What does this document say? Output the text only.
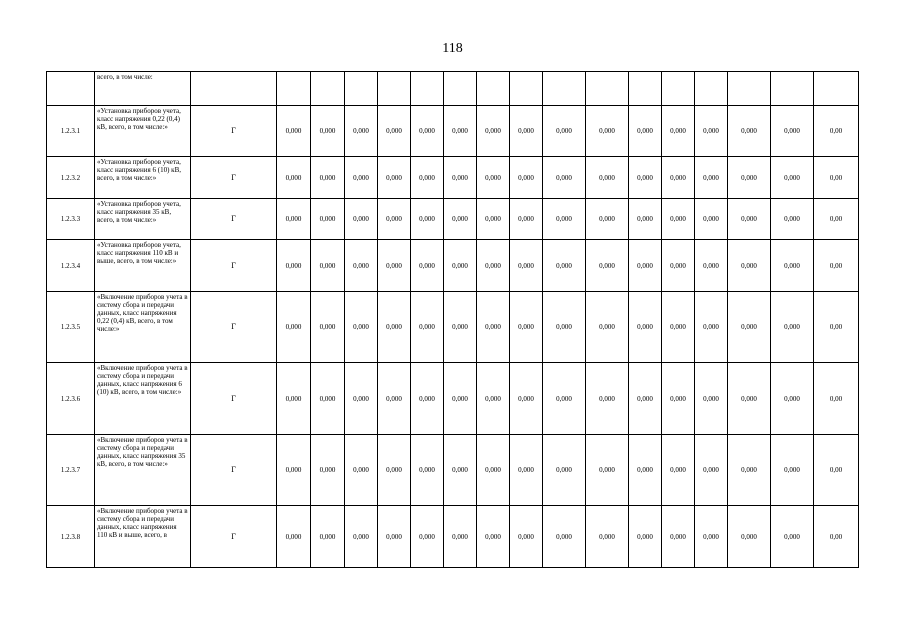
118
	всего, в том числе:																	
1.2.3.1	«Установка приборов учета, класс напряжения 0,22 (0,4) кВ, всего, в том числе:»	Г	0,000	0,000	0,000	0,000	0,000	0,000	0,000	0,000	0,000	0,000	0,000	0,000	0,000	0,000	0,000	0,00
1.2.3.2	«Установка приборов учета, класс напряжения 6 (10) кВ, всего, в том числе:»	Г	0,000	0,000	0,000	0,000	0,000	0,000	0,000	0,000	0,000	0,000	0,000	0,000	0,000	0,000	0,000	0,00
1.2.3.3	«Установка приборов учета, класс напряжения 35 кВ, всего, в том числе:»	Г	0,000	0,000	0,000	0,000	0,000	0,000	0,000	0,000	0,000	0,000	0,000	0,000	0,000	0,000	0,000	0,00
1.2.3.4	«Установка приборов учета, класс напряжения 110 кВ и выше, всего, в том числе:»	Г	0,000	0,000	0,000	0,000	0,000	0,000	0,000	0,000	0,000	0,000	0,000	0,000	0,000	0,000	0,000	0,00
1.2.3.5	«Включение приборов учета в систему сбора и передачи данных, класс напряжения 0,22 (0,4) кВ, всего, в том числе:»	Г	0,000	0,000	0,000	0,000	0,000	0,000	0,000	0,000	0,000	0,000	0,000	0,000	0,000	0,000	0,000	0,00
1.2.3.6	«Включение приборов учета в систему сбора и передачи данных, класс напряжения 6 (10) кВ, всего, в том числе:»	Г	0,000	0,000	0,000	0,000	0,000	0,000	0,000	0,000	0,000	0,000	0,000	0,000	0,000	0,000	0,000	0,00
1.2.3.7	«Включение приборов учета в систему сбора и передачи данных, класс напряжения 35 кВ, всего, в том числе:»	Г	0,000	0,000	0,000	0,000	0,000	0,000	0,000	0,000	0,000	0,000	0,000	0,000	0,000	0,000	0,000	0,00
1.2.3.8	«Включение приборов учета в систему сбора и передачи данных, класс напряжения 110 кВ и выше, всего, в	Г	0,000	0,000	0,000	0,000	0,000	0,000	0,000	0,000	0,000	0,000	0,000	0,000	0,000	0,000	0,000	0,00
